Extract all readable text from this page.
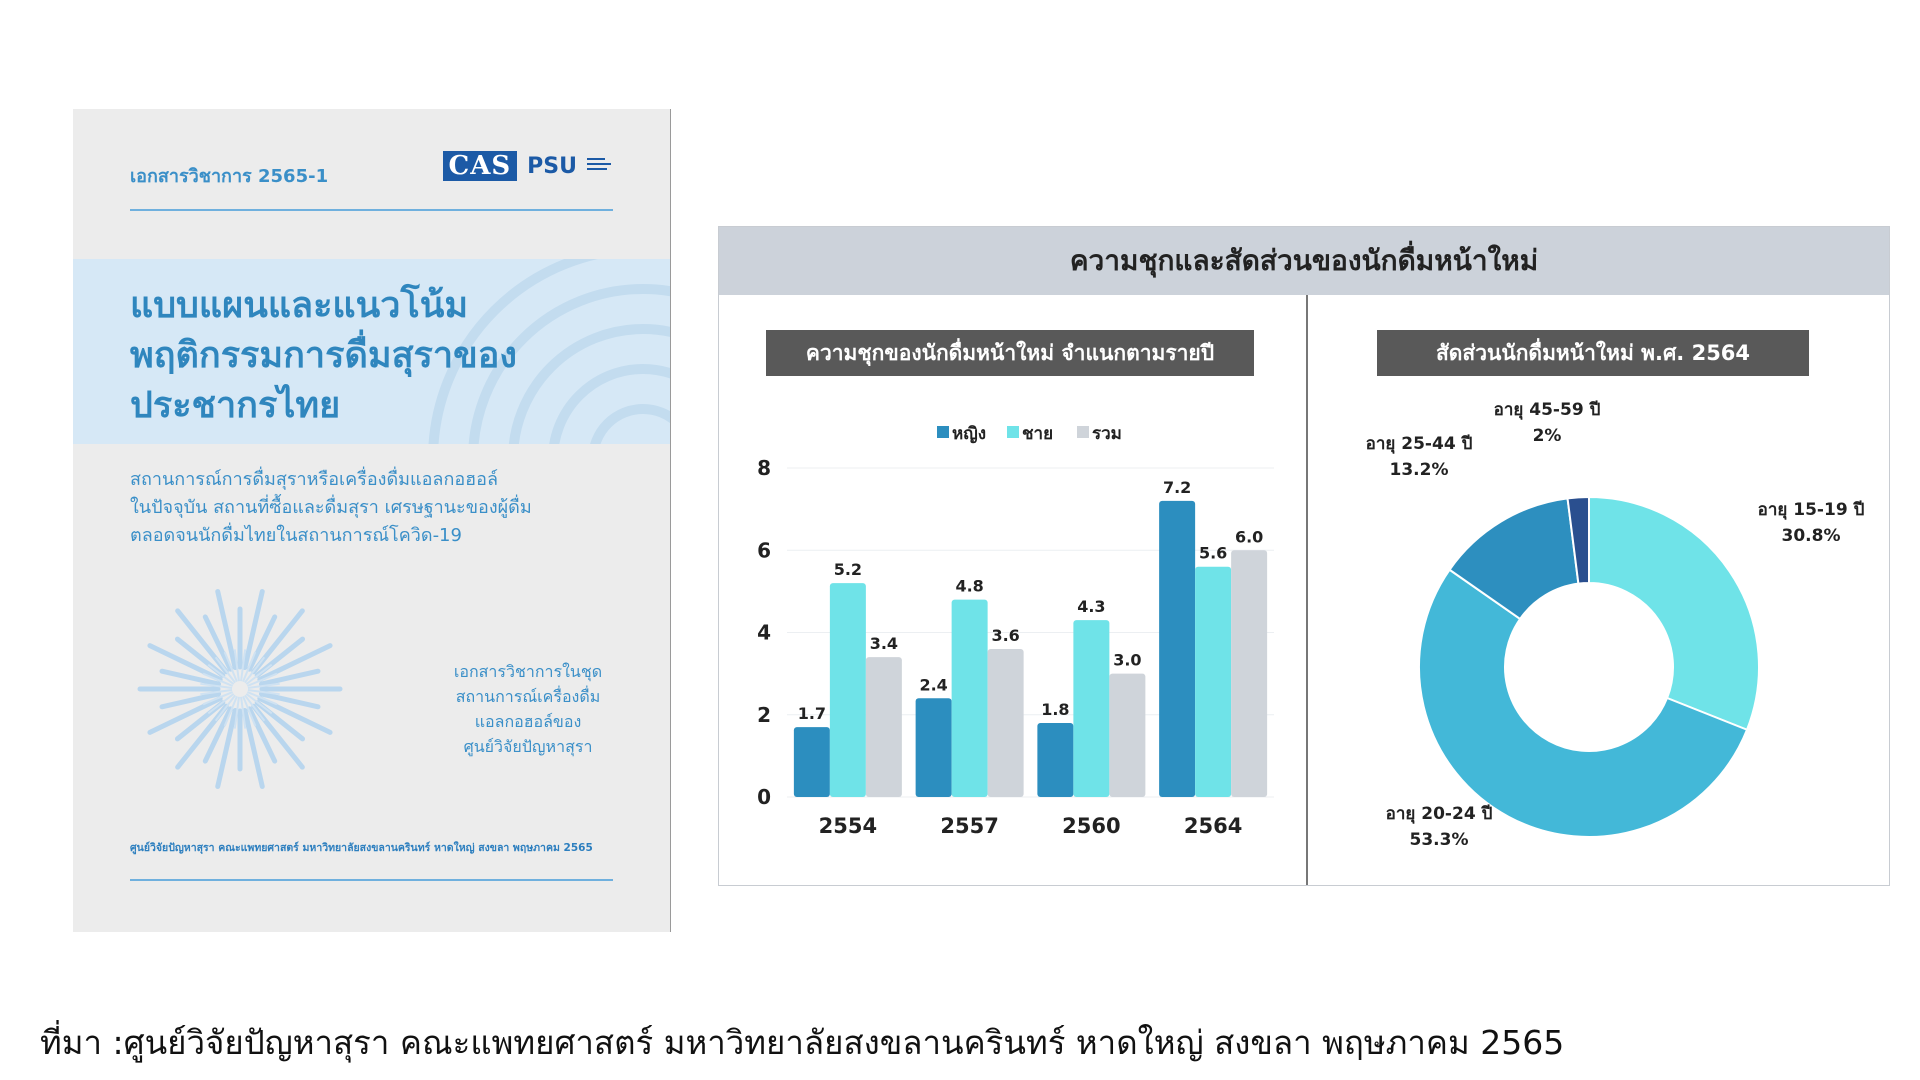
เอกสารวิชาการ 2565-1	CAS PSU
แบบแผนและแนวโน้ม
พฤติกรรมการดื่มสุราของ
ประชากรไทย
สถานการณ์การดื่มสุราหรือเครื่องดื่มแอลกอฮอล์
ในปัจจุบัน สถานที่ซื้อและดื่มสุรา เศรษฐานะของผู้ดื่ม
ตลอดจนนักดื่มไทยในสถานการณ์โควิด-19
เอกสารวิชาการในชุด
สถานการณ์เครื่องดื่ม
แอลกอฮอล์ของ
ศูนย์วิจัยปัญหาสุรา
ศูนย์วิจัยปัญหาสุรา คณะแพทยศาสตร์ มหาวิทยาลัยสงขลานครินทร์ หาดใหญ่ สงขลา พฤษภาคม 2565
ความชุกและสัดส่วนของนักดื่มหน้าใหม่
ความชุกของนักดื่มหน้าใหม่ จำแนกตามรายปี	สัดส่วนนักดื่มหน้าใหม่ พ.ศ. 2564
0
2
4
6
8
หญิง ชาย รวม
1.7
5.2
3.4
2554
2.4
4.8
3.6
2557
1.8
4.3
3.0
2560
7.2
5.6
6.0
2564
อายุ 15-19 ปี
30.8%
อายุ 20-24 ปี
53.3%
อายุ 25-44 ปี
13.2%
อายุ 45-59 ปี
2%
ที่มา :ศูนย์วิจัยปัญหาสุรา คณะแพทยศาสตร์ มหาวิทยาลัยสงขลานครินทร์ หาดใหญ่ สงขลา พฤษภาคม 2565
